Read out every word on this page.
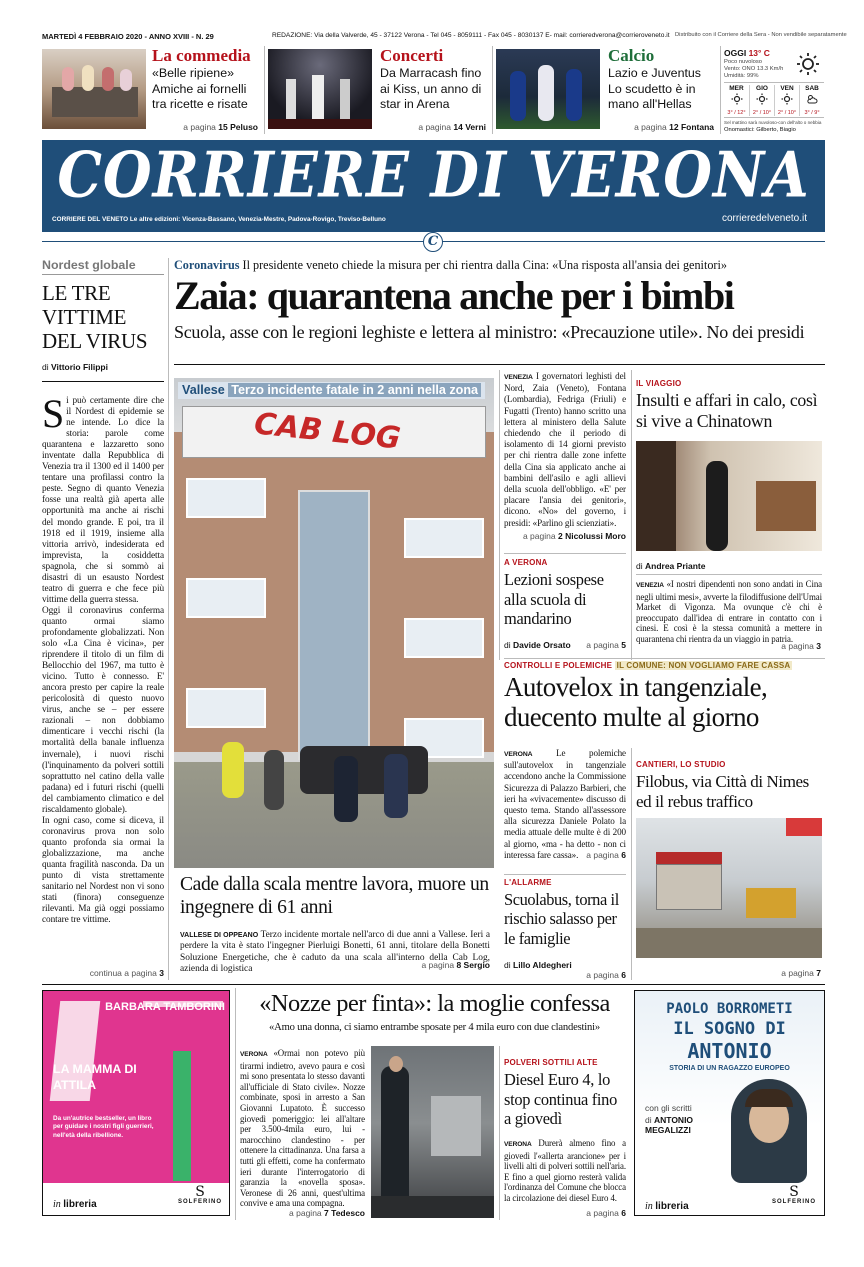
MARTEDÌ 4 FEBBRAIO 2020 - ANNO XVIII - N. 29	REDAZIONE: Via della Valverde, 45 - 37122 Verona - Tel 045 - 8059111 - Fax 045 - 8030137 E- mail: corrieredverona@corrieroveneto.it Distribuito con il Corriere della Sera - Non vendibile separatamente
La commedia
«Belle ripiene» Amiche ai fornelli tra ricette e risate
a pagina 15 Peluso
Concerti
Da Marracash fino ai Kiss, un anno di star in Arena
a pagina 14 Verni
Calcio
Lazio e Juventus Lo scudetto è in mano all'Hellas
a pagina 12 Fontana
OGGI 13° C
Poco nuvoloso
Vento: ONO 13.3 Km/h
Umidità: 99%
MER
3° / 12°
GIO
2° / 10°
VEN
2° / 10°
SAB
3° / 9°
Sel mattino sarà nuvoloso-con dell'alto o nebbia
Onomastici: Gilberto, Biagio
CORRIERE DI VERONA
CORRIERE DEL VENETO Le altre edizioni: Vicenza-Bassano, Venezia-Mestre, Padova-Rovigo, Treviso-Belluno	corrieredelveneto.it
C
Nordest globale
LE TRE VITTIME DEL VIRUS
di Vittorio Filippi
Si può certamente dire che il Nordest di epidemie se ne intende. Lo dice la storia: parole come quarantena e lazzaretto sono inventate dalla Repubblica di Venezia tra il 1300 ed il 1400 per tentare una profilassi contro la peste. Segno di quanto Venezia fosse una realtà già aperta alle opportunità ma anche ai rischi del mondo grande. E poi, tra il 1918 ed il 1919, insieme alla vittoria arrivò, indesiderata ed imprevista, la cosiddetta spagnola, che si sommò ai disastri di un esausto Nordest teatro di guerra e che fece più vittime della guerra stessa.
Oggi il coronavirus conferma quanto ormai siamo profondamente globalizzati. Non solo «La Cina è vicina», per riprendere il titolo di un film di Bellocchio del 1967, ma tutto è vicino. Tutto è connesso. E' ancora presto per capire la reale pericolosità di questo nuovo virus, anche se – per essere razionali – non dobbiamo dimenticare i vecchi rischi (la mortalità della banale influenza invernale), i nuovi rischi (l'inquinamento da polveri sottili soprattutto nel catino della valle padana) ed i futuri rischi (quelli del cambiamento climatico e del riscaldamento globale).
In ogni caso, come si diceva, il coronavirus prova non solo quanto profonda sia ormai la globalizzazione, ma anche quanta fragilità nasconda. Da un punto di vista strettamente sanitario nel Nordest non vi sono stati (finora) conseguenze rilevanti. Ma già oggi possiamo contare tre vittime.
continua a pagina 3
Coronavirus Il presidente veneto chiede la misura per chi rientra dalla Cina: «Una risposta all'ansia dei genitori»
Zaia: quarantena anche per i bimbi
Scuola, asse con le regioni leghiste e lettera al ministro: «Precauzione utile». No dei presidi
CAB LOG
Vallese Terzo incidente fatale in 2 anni nella zona
Cade dalla scala mentre lavora, muore un ingegnere di 61 anni
VALLESE DI OPPEANO Terzo incidente mortale nell'arco di due anni a Vallese. Ieri a perdere la vita è stato l'ingegner Pierluigi Bonetti, 61 anni, titolare della Bonetti Soluzione Energetiche, che è caduto da una scala all'interno della Cab Log, azienda di logistica	a pagina 8 Sergio
VENEZIA I governatori leghisti del Nord, Zaia (Veneto), Fontana (Lombardia), Fedriga (Friuli) e Fugatti (Trento) hanno scritto una lettera al ministero della Salute chiedendo che il periodo di isolamento di 14 giorni previsto per chi rientra dalle zone infette della Cina sia applicato anche ai bambini dell'asilo e agli allievi della scuola dell'obbligo. «E' per placare l'ansia dei genitori», dicono. «No» del governo, i presidi: «Parlino gli scienziati».
a pagina 2 Nicolussi Moro
A VERONA
Lezioni sospese alla scuola di mandarino
di Davide Orsato a pagina 5
IL VIAGGIO
Insulti e affari in calo, così si vive a Chinatown
di Andrea Priante
VENEZIA «I nostri dipendenti non sono andati in Cina negli ultimi mesi», avverte la filodiffusione dell'Umai Market di Vigonza. Ma ovunque c'è chi è preoccupato dall'idea di entrare in contatto con i cinesi. E così è la stessa comunità a mettere in quarantena chi rientra da un viaggio in patria.
a pagina 3
CONTROLLI E POLEMICHE IL COMUNE: NON VOGLIAMO FARE CASSA
Autovelox in tangenziale, duecento multe al giorno
VERONA	Le polemiche sull'autovelox in tangenziale accendono anche la Commissione Sicurezza di Palazzo Barbieri, che ieri ha «vivacemente» discusso di questo tema. Stando all'assessore alla sicurezza Daniele Polato la media attuale delle multe è di 200 al giorno, «ma - ha detto - non ci interessa fare cassa». a pagina 6
CANTIERI, LO STUDIO
Filobus, via Città di Nimes ed il rebus traffico
a pagina 7
L'ALLARME
Scuolabus, torna il rischio salasso per le famiglie
di Lillo Aldegheri
a pagina 6
BARBARA TAMBORINI
LA MAMMA DI ATTILA
Da un'autrice bestseller, un libro per guidare i nostri figli guerrieri, nell'età della ribellione.
in libreria
S
SOLFERINO
«Nozze per finta»: la moglie confessa
«Amo una donna, ci siamo entrambe sposate per 4 mila euro con due clandestini»
VERONA «Ormai non potevo più tirarmi indietro, avevo paura e così mi sono presentata lo stesso davanti all'ufficiale di Stato civile». Nozze combinate, sposi in arresto a San Giovanni Lupatoto. È successo giovedì pomeriggio: lei all'altare per 3.500-4mila euro, lui - marocchino clandestino - per ottenere la cittadinanza. Una farsa a tutti gli effetti, come ha confermato ieri durante l'interrogatorio di garanzia la «novella sposa». Veronese di 26 anni, quest'ultima convive e ama una compagna.
a pagina 7 Tedesco
POLVERI SOTTILI ALTE
Diesel Euro 4, lo stop continua fino a giovedì
VERONA Durerà almeno fino a giovedì l'«allerta arancione» per i livelli alti di polveri sottili nell'aria. E fino a quel giorno resterà valida l'ordinanza del Comune che blocca la circolazione dei diesel Euro 4.
a pagina 6
PAOLO BORROMETI
IL SOGNO DI
ANTONIO
STORIA DI UN RAGAZZO EUROPEO
con gli scritti
di ANTONIO MEGALIZZI
in libreria
S
SOLFERINO
